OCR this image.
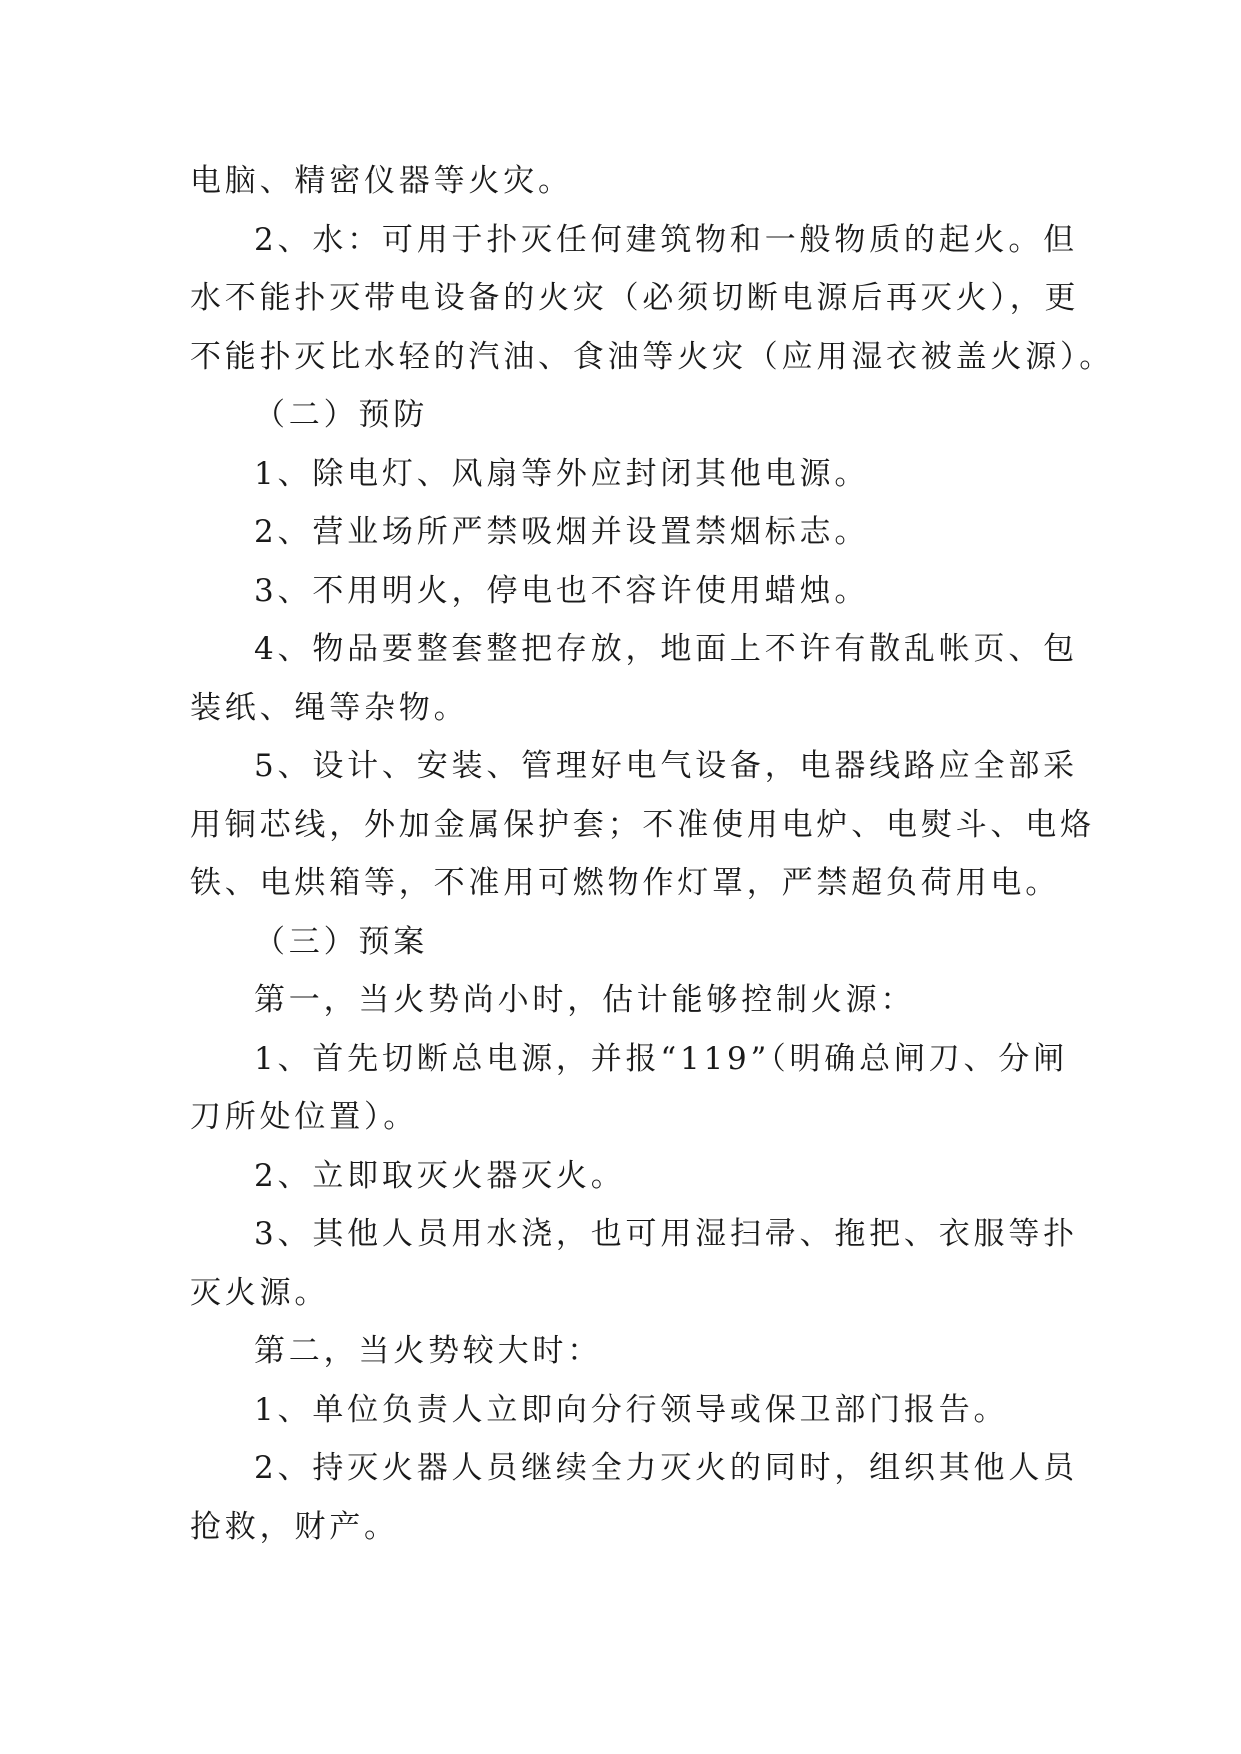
电脑、精密仪器等火灾。
2、水：可用于扑灭任何建筑物和一般物质的起火。但
水不能扑灭带电设备的火灾（必须切断电源后再灭火），更
不能扑灭比水轻的汽油、食油等火灾（应用湿衣被盖火源）。
（二）预防
1、除电灯、风扇等外应封闭其他电源。
2、营业场所严禁吸烟并设置禁烟标志。
3、不用明火，停电也不容许使用蜡烛。
4、物品要整套整把存放，地面上不许有散乱帐页、包
装纸、绳等杂物。
5、设计、安装、管理好电气设备，电器线路应全部采
用铜芯线，外加金属保护套；不准使用电炉、电熨斗、电烙
铁、电烘箱等，不准用可燃物作灯罩，严禁超负荷用电。
（三）预案
第一，当火势尚小时，估计能够控制火源：
1、首先切断总电源，并报“119”（明确总闸刀、分闸
刀所处位置）。
2、立即取灭火器灭火。
3、其他人员用水浇，也可用湿扫帚、拖把、衣服等扑
灭火源。
第二，当火势较大时：
1、单位负责人立即向分行领导或保卫部门报告。
2、持灭火器人员继续全力灭火的同时，组织其他人员
抢救，财产。
